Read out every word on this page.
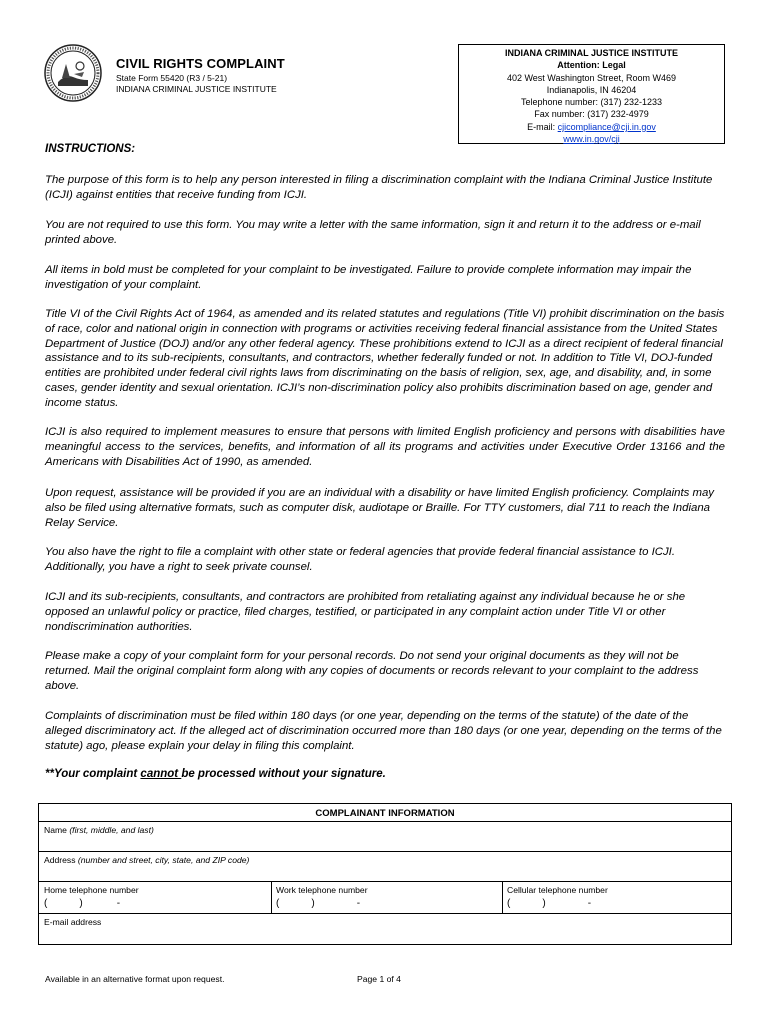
CIVIL RIGHTS COMPLAINT
State Form 55420 (R3 / 5-21)
INDIANA CRIMINAL JUSTICE INSTITUTE
INDIANA CRIMINAL JUSTICE INSTITUTE
Attention: Legal
402 West Washington Street, Room W469
Indianapolis, IN 46204
Telephone number: (317) 232-1233
Fax number: (317) 232-4979
E-mail: cjicompliance@cji.in.gov
www.in.gov/cji
INSTRUCTIONS:
The purpose of this form is to help any person interested in filing a discrimination complaint with the Indiana Criminal Justice Institute (ICJI) against entities that receive funding from ICJI.
You are not required to use this form. You may write a letter with the same information, sign it and return it to the address or e-mail printed above.
All items in bold must be completed for your complaint to be investigated. Failure to provide complete information may impair the investigation of your complaint.
Title VI of the Civil Rights Act of 1964, as amended and its related statutes and regulations (Title VI) prohibit discrimination on the basis of race, color and national origin in connection with programs or activities receiving federal financial assistance from the United States Department of Justice (DOJ) and/or any other federal agency. These prohibitions extend to ICJI as a direct recipient of federal financial assistance and to its sub-recipients, consultants, and contractors, whether federally funded or not. In addition to Title VI, DOJ-funded entities are prohibited under federal civil rights laws from discriminating on the basis of religion, sex, age, and disability, and, in some cases, gender identity and sexual orientation. ICJI’s non-discrimination policy also prohibits discrimination based on age, gender and income status.
ICJI is also required to implement measures to ensure that persons with limited English proficiency and persons with disabilities have meaningful access to the services, benefits, and information of all its programs and activities under Executive Order 13166 and the Americans with Disabilities Act of 1990, as amended.
Upon request, assistance will be provided if you are an individual with a disability or have limited English proficiency. Complaints may also be filed using alternative formats, such as computer disk, audiotape or Braille. For TTY customers, dial 711 to reach the Indiana Relay Service.
You also have the right to file a complaint with other state or federal agencies that provide federal financial assistance to ICJI. Additionally, you have a right to seek private counsel.
ICJI and its sub-recipients, consultants, and contractors are prohibited from retaliating against any individual because he or she opposed an unlawful policy or practice, filed charges, testified, or participated in any complaint action under Title VI or other nondiscrimination authorities.
Please make a copy of your complaint form for your personal records. Do not send your original documents as they will not be returned. Mail the original complaint form along with any copies of documents or records relevant to your complaint to the address above.
Complaints of discrimination must be filed within 180 days (or one year, depending on the terms of the statute) of the date of the alleged discriminatory act. If the alleged act of discrimination occurred more than 180 days (or one year, depending on the terms of the statute) ago, please explain your delay in filing this complaint.
**Your complaint cannot be processed without your signature.
COMPLAINANT INFORMATION
Name (first, middle, and last)
Address (number and street, city, state, and ZIP code)
Home telephone number
(	)	-
Work telephone number
(	)	-
Cellular telephone number
(	)	-
E-mail address
Available in an alternative format upon request.	Page 1 of 4
